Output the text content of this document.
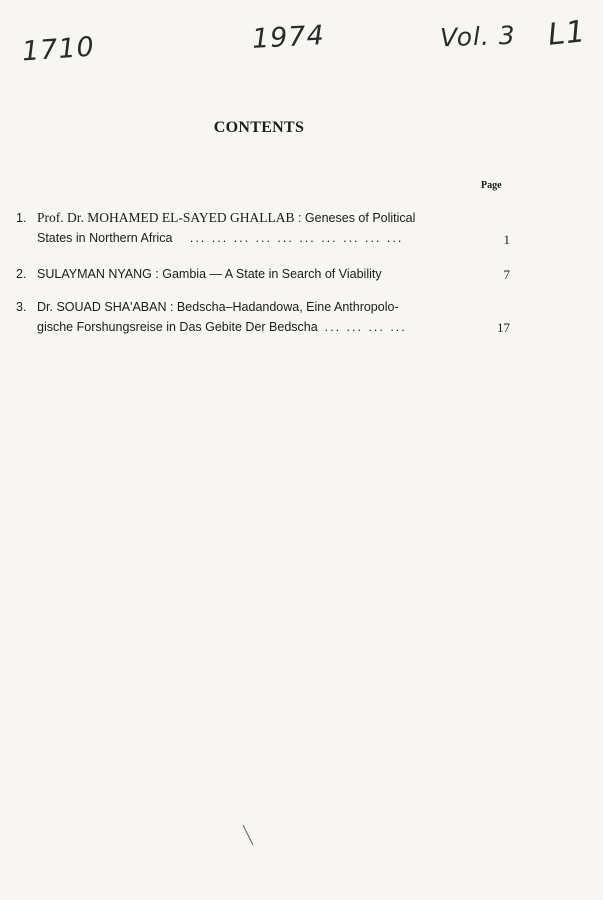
1710	1974	Vol. 3 L1
CONTENTS
Page
1. Prof. Dr. MOHAMED EL-SAYED GHALLAB : Geneses of Political
States in Northern Africa ... ... ... ... ... ... ... ... ... ...	1
2. SULAYMAN NYANG : Gambia — A State in Search of Viability	7
3. Dr. SOUAD SHA'ABAN : Bedscha–Hadandowa, Eine Anthropolo-
gische Forshungsreise in Das Gebite Der Bedscha ... ... ... ...	17
